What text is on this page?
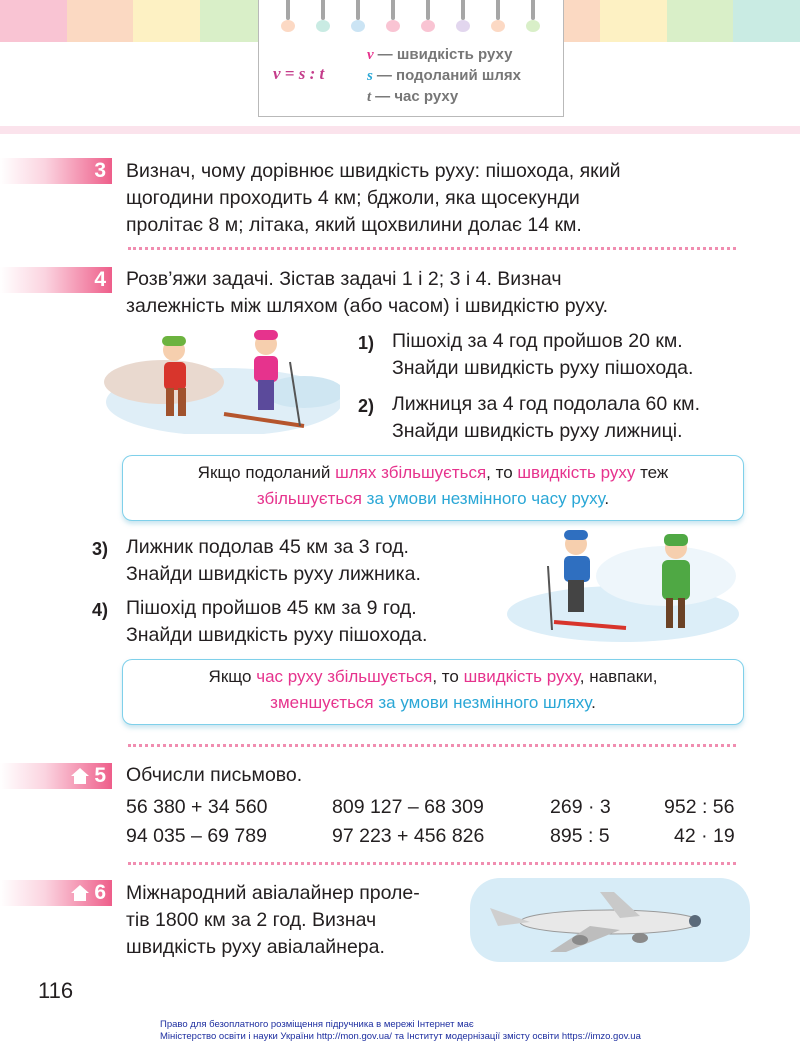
v = s : t
v — швидкість руху
s — подоланий шлях
t — час руху
3	Визнач, чому дорівнює швидкість руху: пішохода, який
щогодини проходить 4 км; бджоли, яка щосекунди
пролітає 8 м; літака, який щохвилини долає 14 км.
4	Розв’яжи задачі. Зістав задачі 1 і 2; 3 і 4. Визнач
залежність між шляхом (або часом) і швидкістю руху.
1) Пішохід за 4 год пройшов 20 км.
Знайди швидкість руху пішохода.
2) Лижниця за 4 год подолала 60 км.
Знайди швидкість руху лижниці.
Якщо подоланий шлях збільшується, то швидкість руху теж
збільшується за умови незмінного часу руху.
3) Лижник подолав 45 км за 3 год.
Знайди швидкість руху лижника.
4) Пішохід пройшов 45 км за 9 год.
Знайди швидкість руху пішохода.
Якщо час руху збільшується, то швидкість руху, навпаки,
зменшується за умови незмінного шляху.
5	Обчисли письмово.
56 380 + 34 560	809 127 – 68 309	269 · 3	952 : 56
94 035 – 69 789	97 223 + 456 826	895 : 5	42 · 19
6	Міжнародний авіалайнер проле-
тів 1800 км за 2 год. Визнач
швидкість руху авіалайнера.
116
Право для безоплатного розміщення підручника в мережі Інтернет має
Міністерство освіти і науки України http://mon.gov.ua/ та Інститут модернізації змісту освіти https://imzo.gov.ua
